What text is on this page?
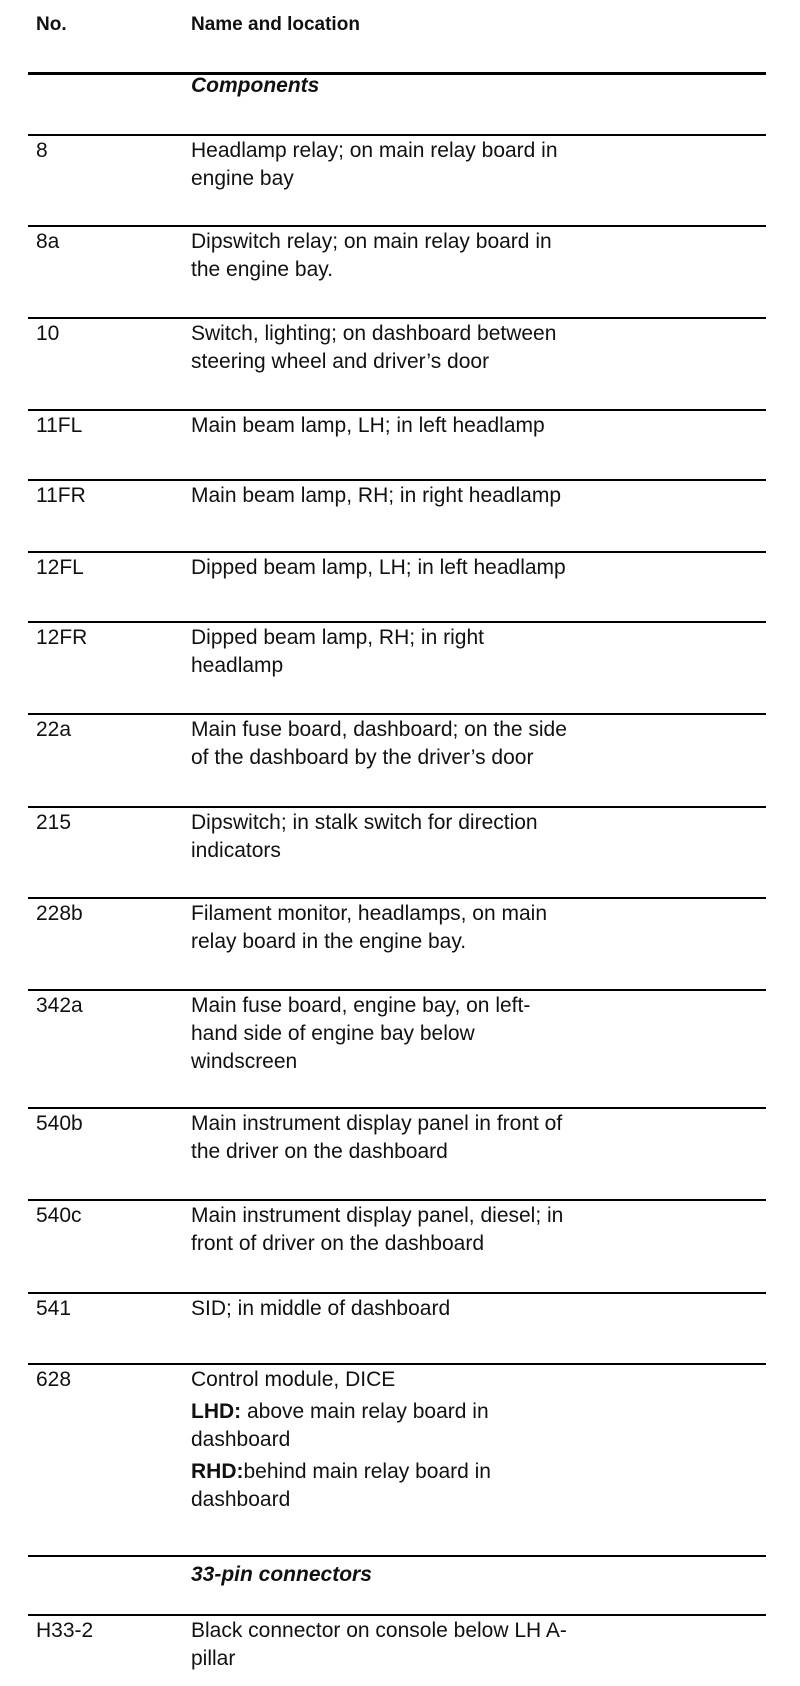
No.	Name and location
Components
8	Headlamp relay; on main relay board in
engine bay
8a	Dipswitch relay; on main relay board in
the engine bay.
10	Switch, lighting; on dashboard between
steering wheel and driver’s door
11FL	Main beam lamp, LH; in left headlamp
11FR	Main beam lamp, RH; in right headlamp
12FL	Dipped beam lamp, LH; in left headlamp
12FR	Dipped beam lamp, RH; in right
headlamp
22a	Main fuse board, dashboard; on the side
of the dashboard by the driver’s door
215	Dipswitch; in stalk switch for direction
indicators
228b	Filament monitor, headlamps, on main
relay board in the engine bay.
342a	Main fuse board, engine bay, on left-
hand side of engine bay below
windscreen
540b	Main instrument display panel in front of
the driver on the dashboard
540c	Main instrument display panel, diesel; in
front of driver on the dashboard
541	SID; in middle of dashboard
628	Control module, DICE
LHD: above main relay board in
dashboard
RHD:behind main relay board in
dashboard
33-pin connectors
H33-2	Black connector on console below LH A-
pillar
